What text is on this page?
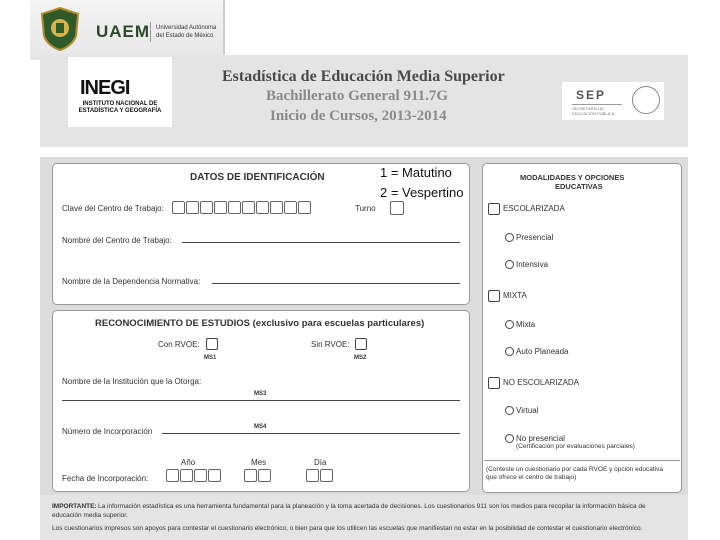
UAEM Universidad Autónoma del Estado de México
INEGI
INSTITUTO NACIONAL DE ESTADÍSTICA Y GEOGRAFÍA
Estadística de Educación Media Superior
Bachillerato General 911.7G
Inicio de Cursos, 2013-2014
SEP
SECRETARÍA DE EDUCACIÓN PÚBLICA
DATOS DE IDENTIFICACIÓN
Clave del Centro de Trabajo:	Turno
Nombre del Centro de Trabajo:
Nombre de la Dependencia Normativa:
1 = Matutino
2 = Vespertino
RECONOCIMIENTO DE ESTUDIOS (exclusivo para escuelas particulares)
Con RVOE:
MS1
Sin RVOE:
MS2
Nombre de la Institución que la Otorga:
MS3
MS4
Número de Incorporación
Año	Mes	Día
Fecha de Incorporación:
MODALIDADES Y OPCIONES
EDUCATIVAS
ESCOLARIZADA
Presencial
Intensiva
MIXTA
Mixta
Auto Planeada
NO ESCOLARIZADA
Virtual
No presencial
(Certificación por evaluaciones parciales)
(Conteste un cuestionario por cada RVOE y opción educativa
que ofrece el centro de trabajo)
IMPORTANTE: La información estadística es una herramienta fundamental para la planeación y la toma acertada de decisiones. Los cuestionarios 911 son los medios para recopilar la información básica de
educación media superior.
Los cuestionarios impresos son apoyos para contestar el cuestionario electrónico, o bien para que los utilicen las escuelas que manifiestan no estar en la posibilidad de contestar el cuestionario electrónico.
